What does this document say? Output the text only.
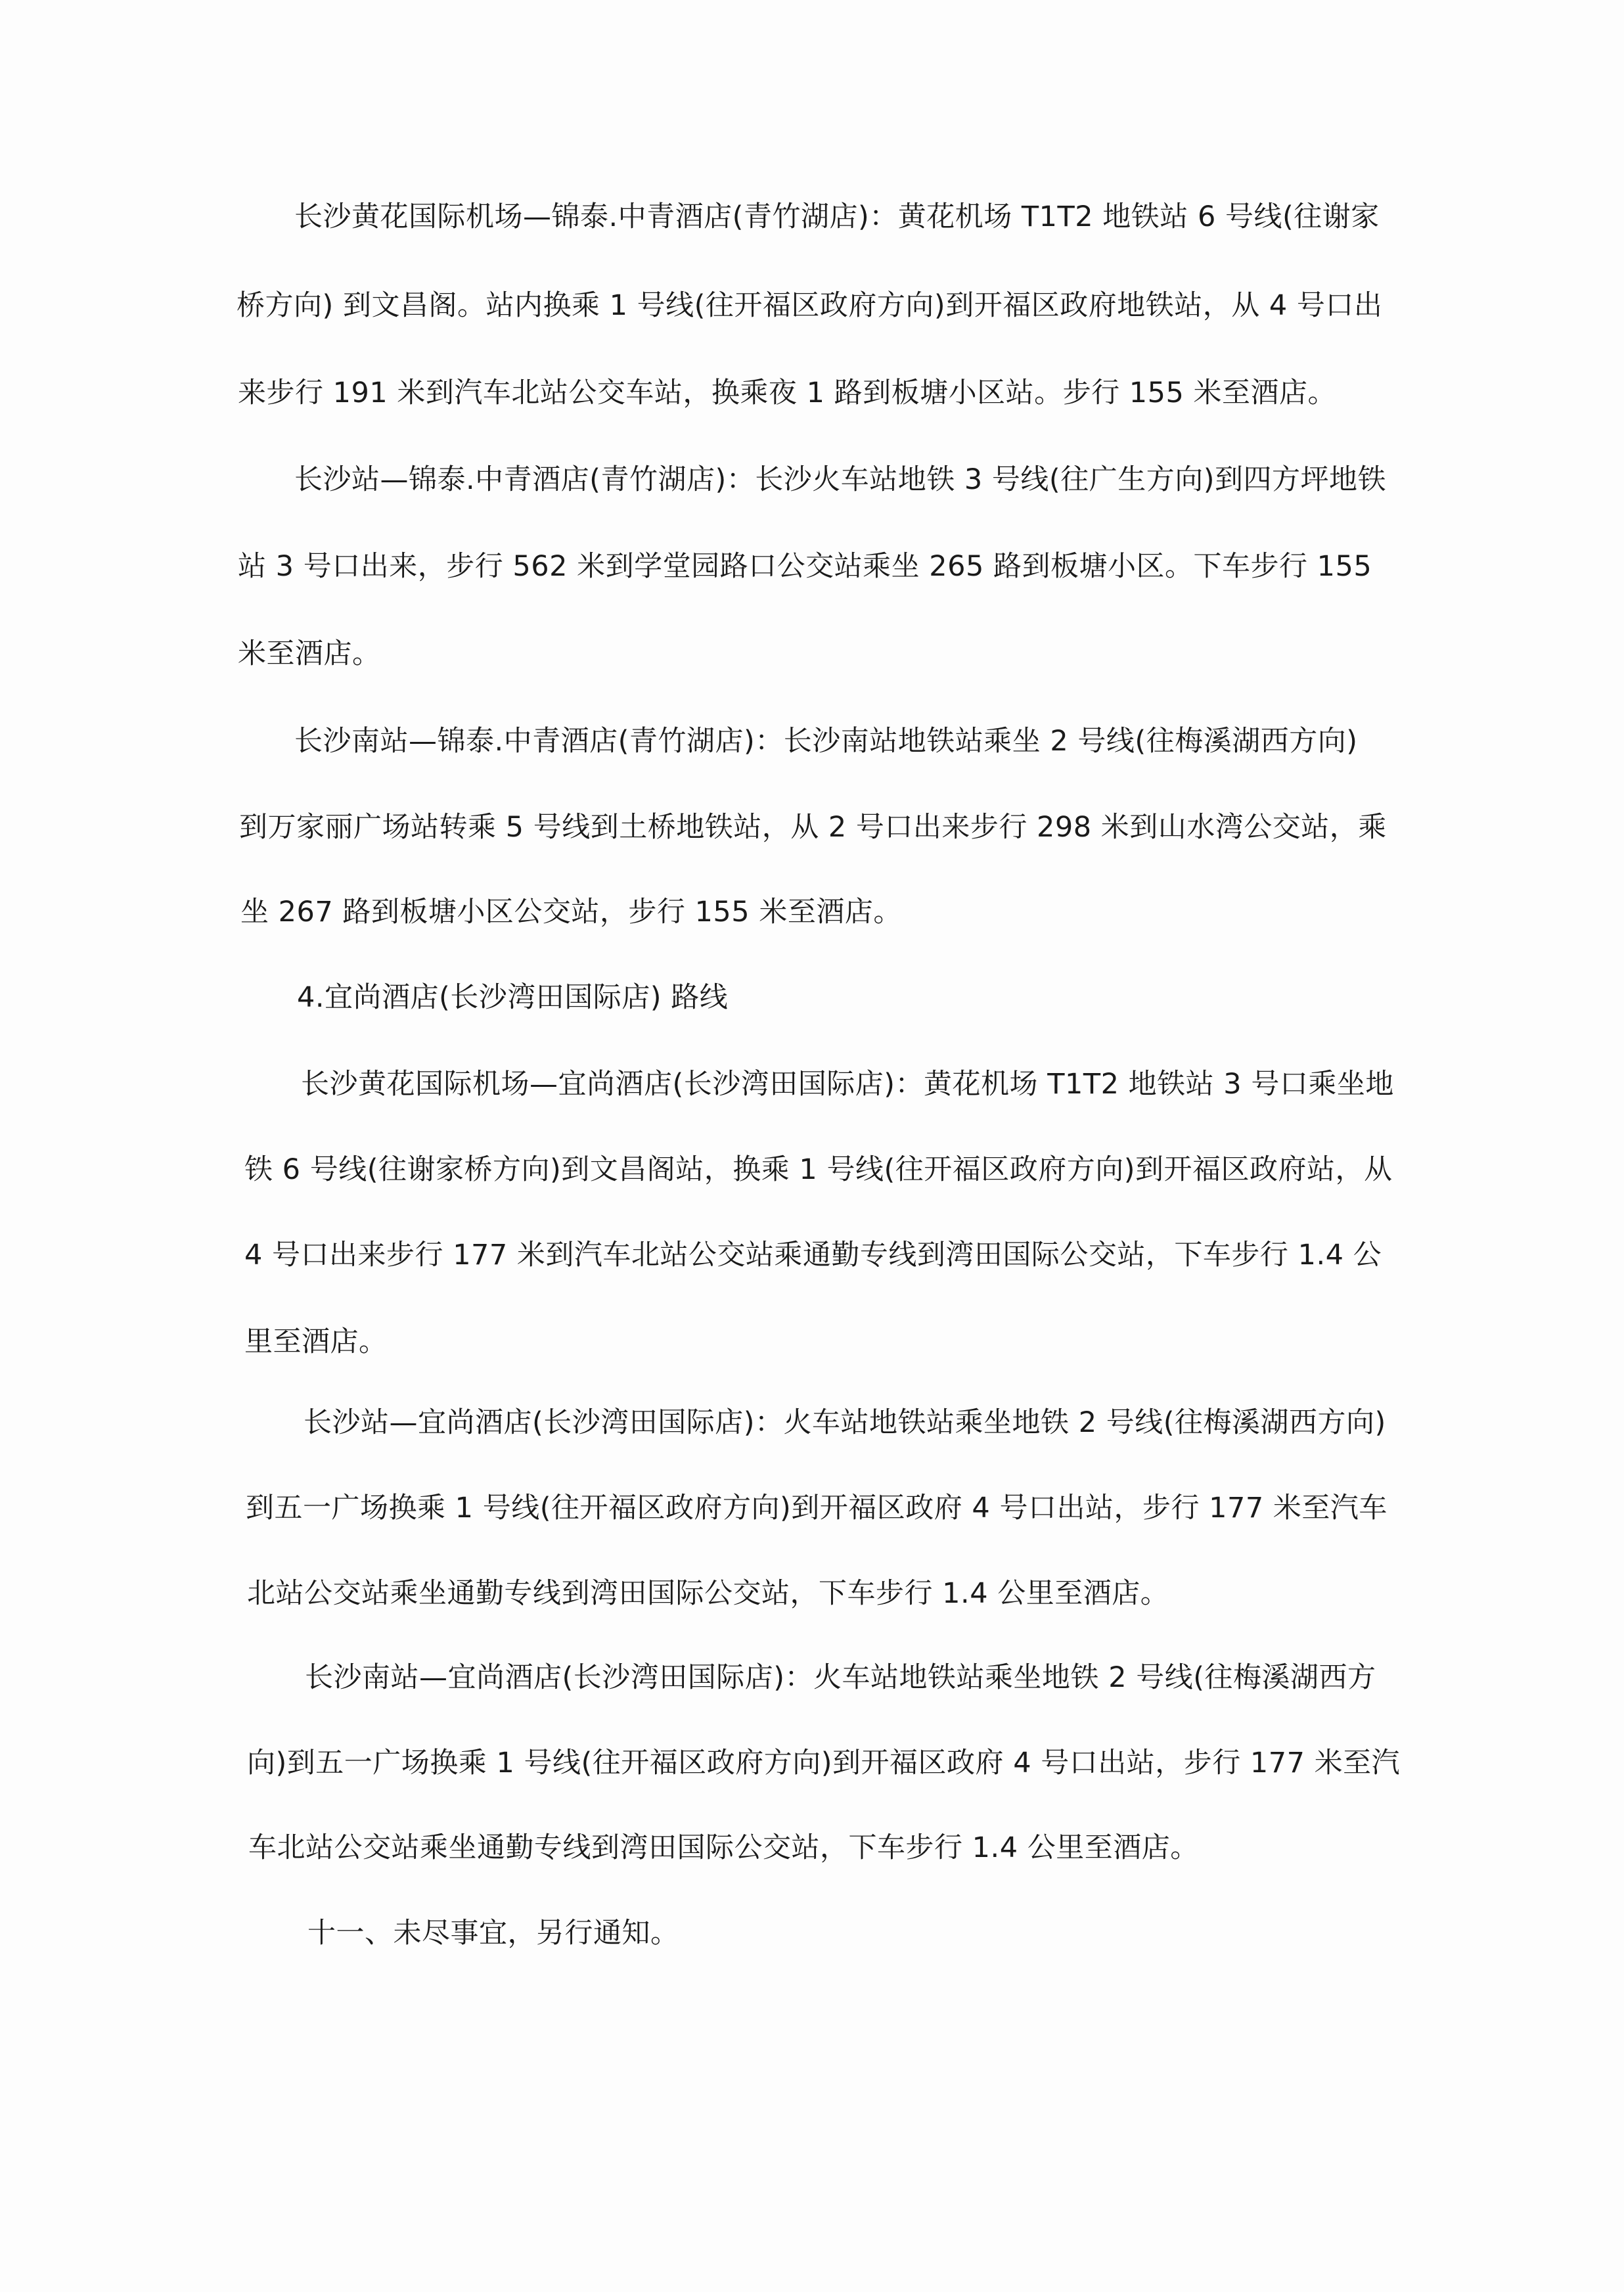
长沙黄花国际机场—锦泰.中青酒店(青竹湖店)：黄花机场 T1T2 地铁站 6 号线(往谢家
桥方向) 到文昌阁。站内换乘 1 号线(往开福区政府方向)到开福区政府地铁站，从 4 号口出
来步行 191 米到汽车北站公交车站，换乘夜 1 路到板塘小区站。步行 155 米至酒店。
长沙站—锦泰.中青酒店(青竹湖店)：长沙火车站地铁 3 号线(往广生方向)到四方坪地铁
站 3 号口出来，步行 562 米到学堂园路口公交站乘坐 265 路到板塘小区。下车步行 155
米至酒店。
长沙南站—锦泰.中青酒店(青竹湖店)：长沙南站地铁站乘坐 2 号线(往梅溪湖西方向)
到万家丽广场站转乘 5 号线到土桥地铁站，从 2 号口出来步行 298 米到山水湾公交站，乘
坐 267 路到板塘小区公交站，步行 155 米至酒店。
4.宜尚酒店(长沙湾田国际店) 路线
长沙黄花国际机场—宜尚酒店(长沙湾田国际店)：黄花机场 T1T2 地铁站 3 号口乘坐地
铁 6 号线(往谢家桥方向)到文昌阁站，换乘 1 号线(往开福区政府方向)到开福区政府站，从
4 号口出来步行 177 米到汽车北站公交站乘通勤专线到湾田国际公交站，下车步行 1.4 公
里至酒店。
长沙站—宜尚酒店(长沙湾田国际店)：火车站地铁站乘坐地铁 2 号线(往梅溪湖西方向)
到五一广场换乘 1 号线(往开福区政府方向)到开福区政府 4 号口出站，步行 177 米至汽车
北站公交站乘坐通勤专线到湾田国际公交站，下车步行 1.4 公里至酒店。
长沙南站—宜尚酒店(长沙湾田国际店)：火车站地铁站乘坐地铁 2 号线(往梅溪湖西方
向)到五一广场换乘 1 号线(往开福区政府方向)到开福区政府 4 号口出站，步行 177 米至汽
车北站公交站乘坐通勤专线到湾田国际公交站，下车步行 1.4 公里至酒店。
十一、未尽事宜，另行通知。
